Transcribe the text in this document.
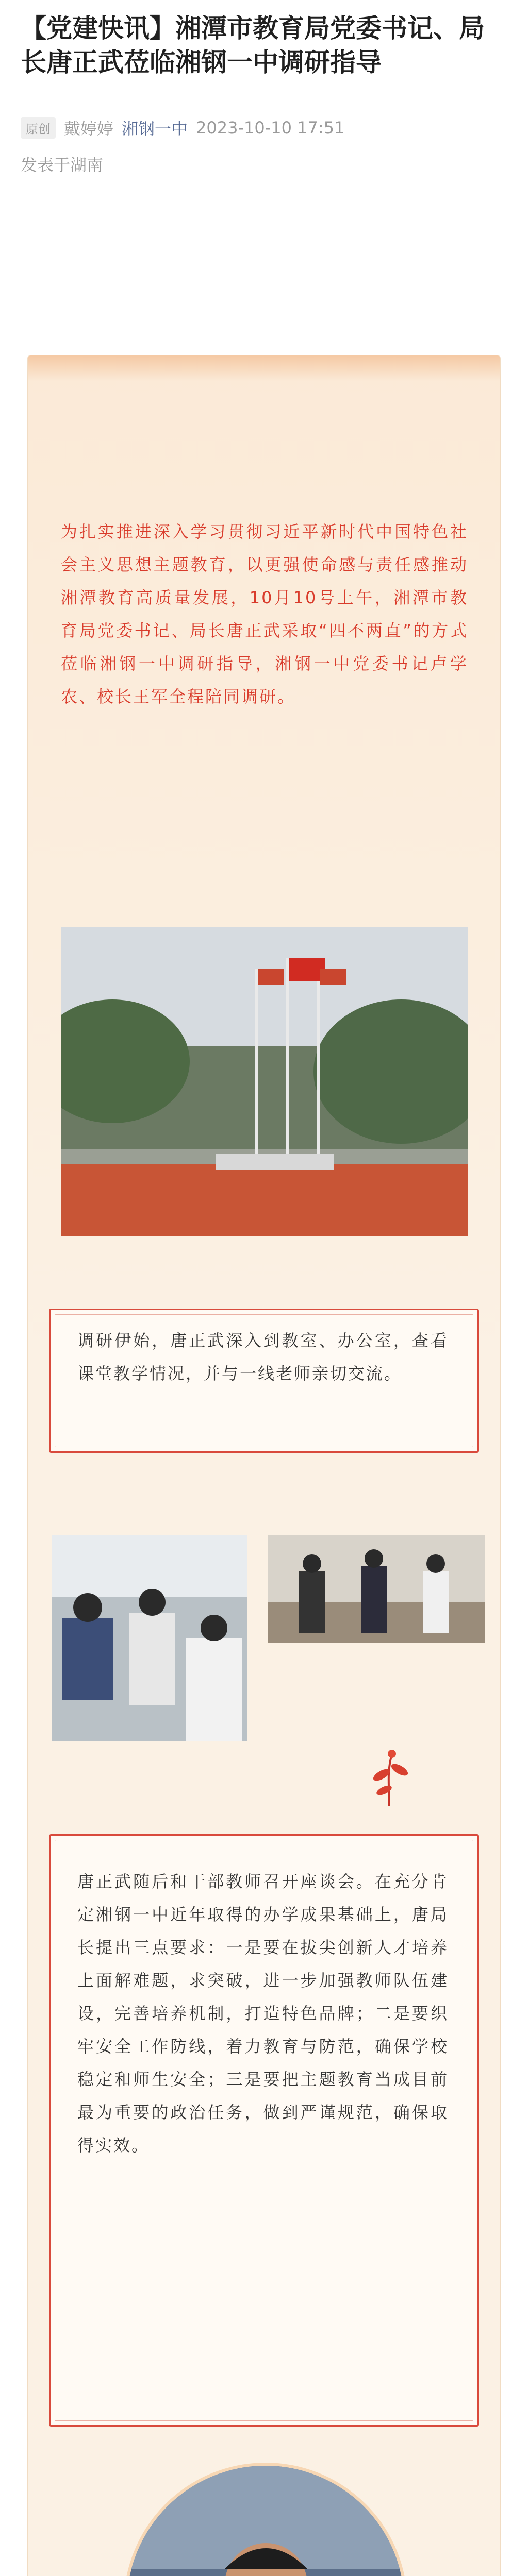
【党建快讯】湘潭市教育局党委书记、局长唐正武莅临湘钢一中调研指导
原创 戴婷婷 湘钢一中 2023-10-10 17:51
发表于湖南

为扎实推进深入学习贯彻习近平新时代中国特色社会主义思想主题教育，以更强使命感与责任感推动湘潭教育高质量发展，10月10号上午，湘潭市教育局党委书记、局长唐正武采取“四不两直”的方式莅临湘钢一中调研指导，湘钢一中党委书记卢学农、校长王军全程陪同调研。

调研伊始，唐正武深入到教室、办公室，查看课堂教学情况，并与一线老师亲切交流。

唐正武随后和干部教师召开座谈会。在充分肯定湘钢一中近年取得的办学成果基础上，唐局长提出三点要求：一是要在拔尖创新人才培养上面解难题，求突破，进一步加强教师队伍建设，完善培养机制，打造特色品牌；二是要织牢安全工作防线，着力教育与防范，确保学校稳定和师生安全；三是要把主题教育当成目前最为重要的政治任务，做到严谨规范，确保取得实效。
